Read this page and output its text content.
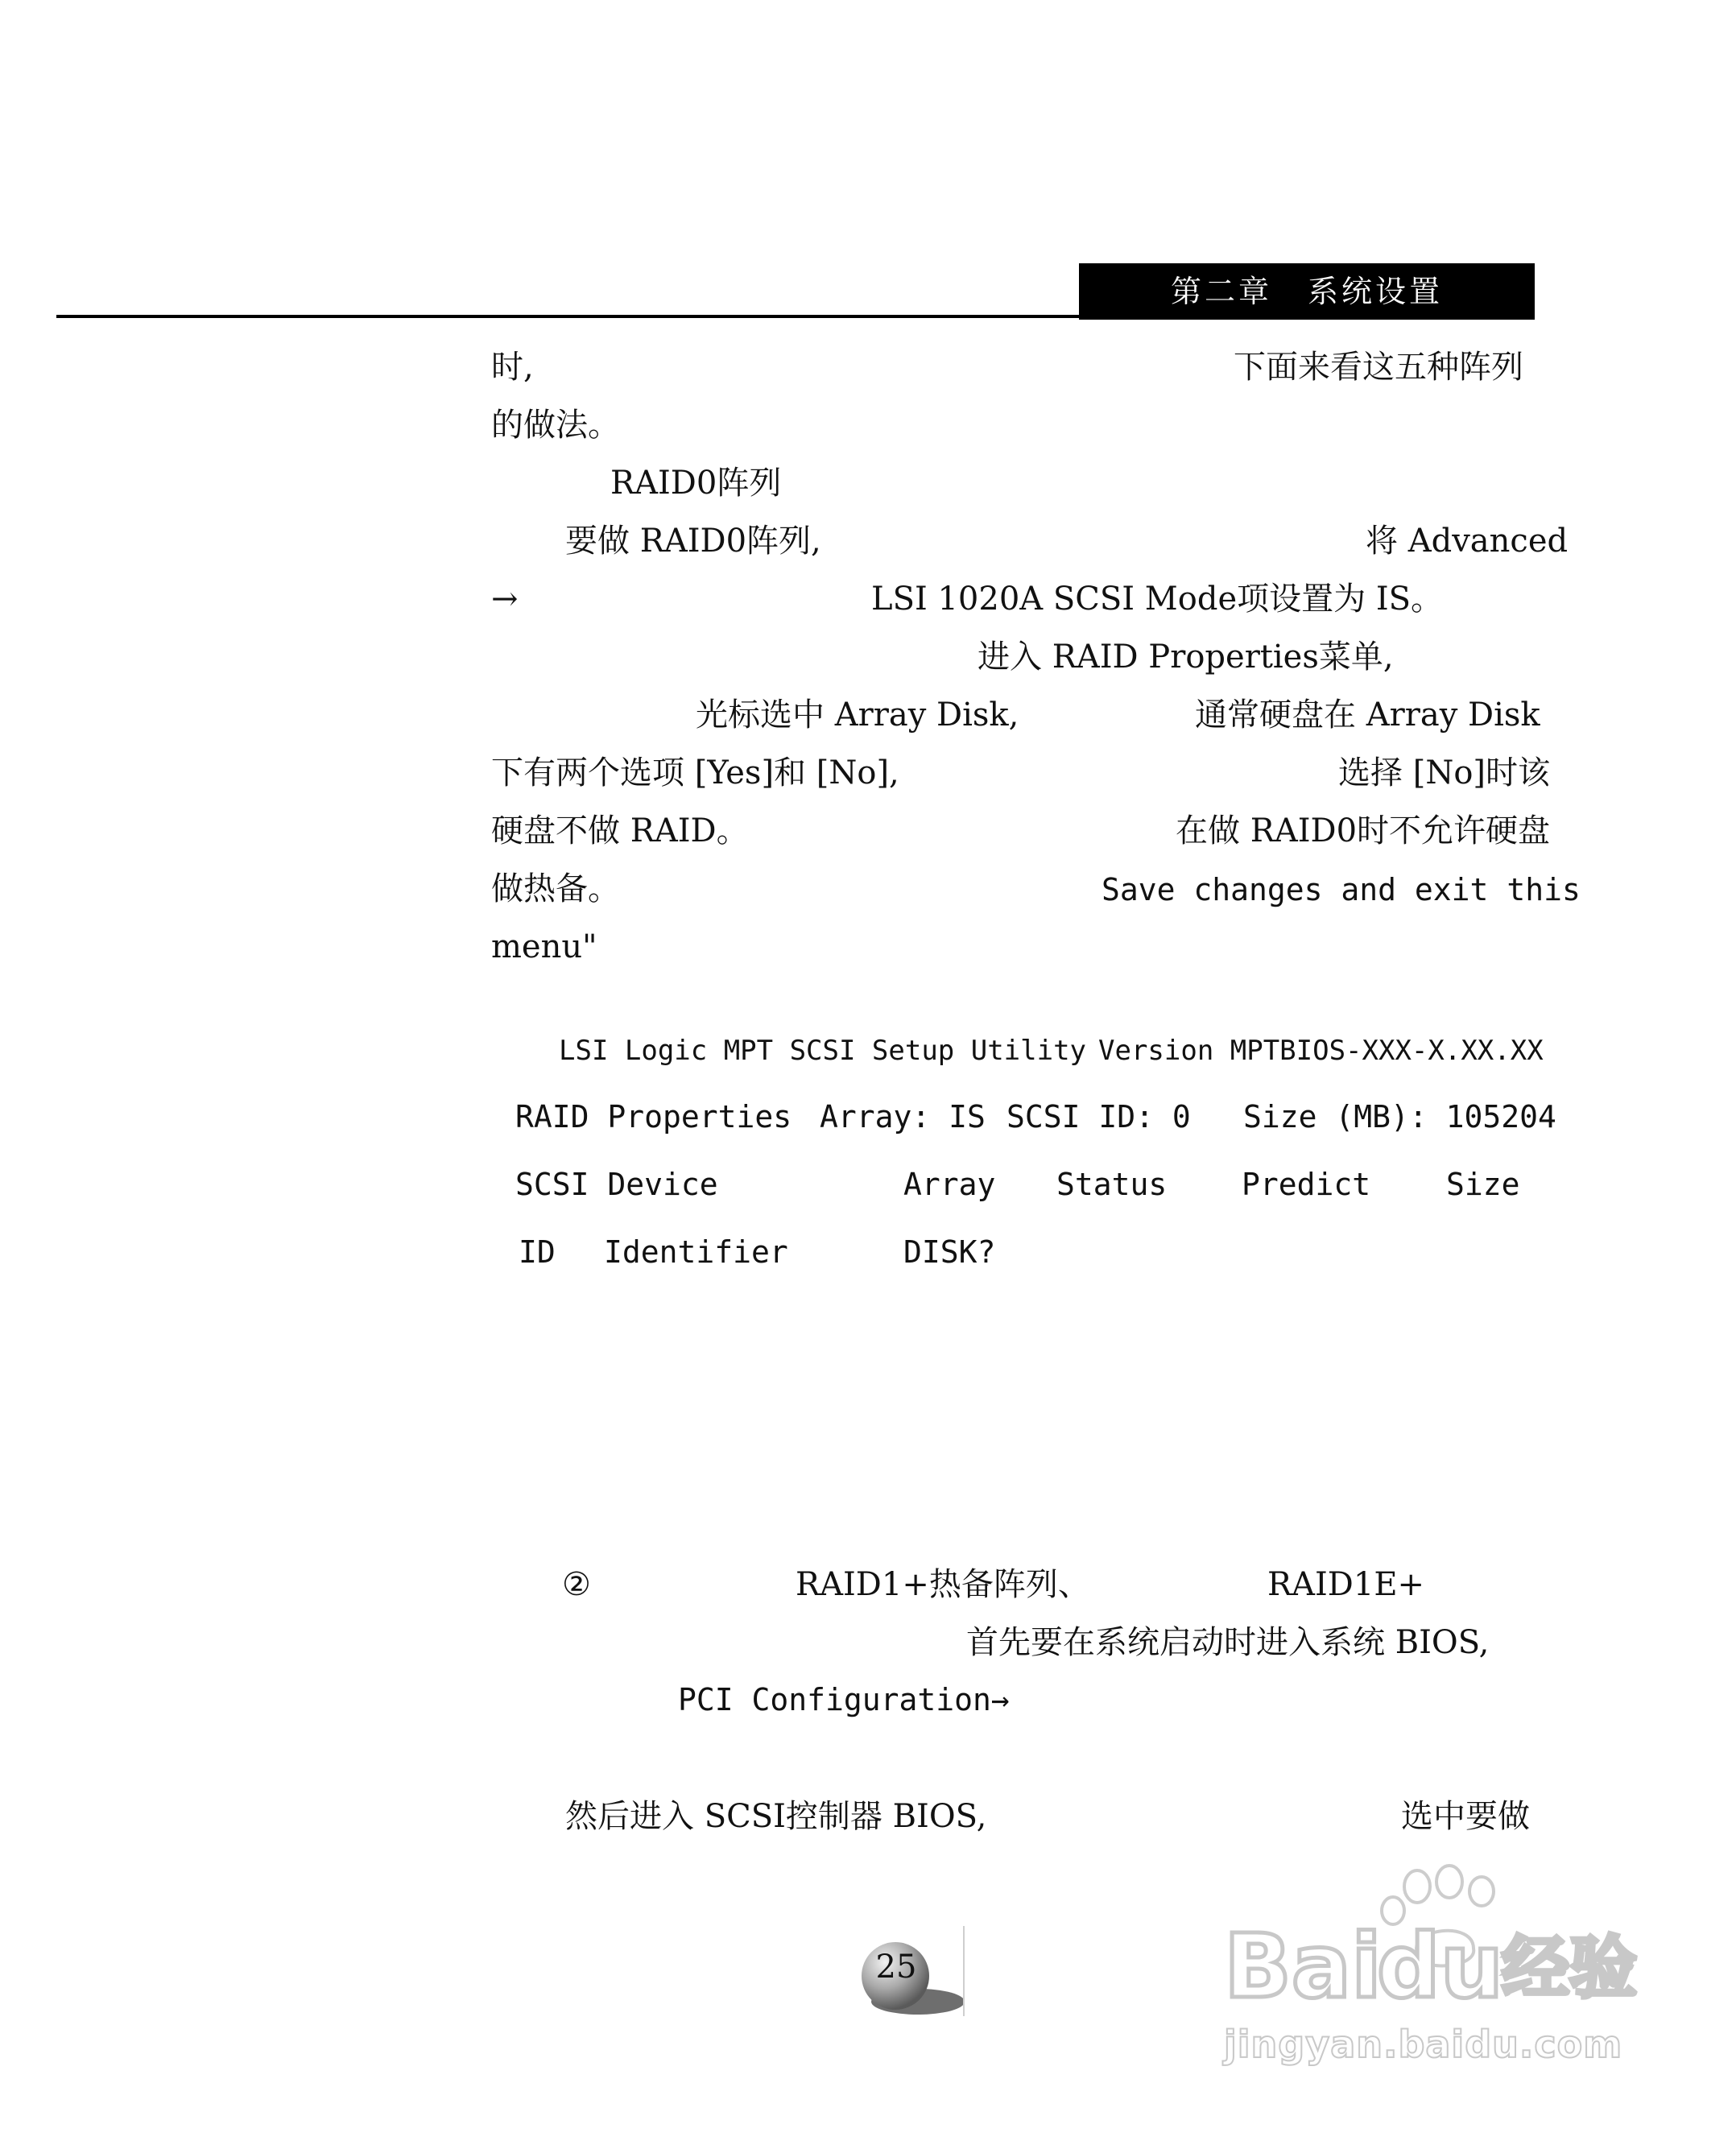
第二章 系统设置
时,	下面来看这五种阵列
的做法。
RAID0阵列
要做 RAID0阵列,	将 Advanced
→	LSI 1020A SCSI Mode项设置为 IS。
进入 RAID Properties菜单,
光标选中 Array Disk,	通常硬盘在 Array Disk
下有两个选项 [Yes]和 [No],	选择 [No]时该
硬盘不做 RAID。	在做 RAID0时不允许硬盘
做热备。	Save changes and exit this
menu"
LSI Logic MPT SCSI Setup Utility Version MPTBIOS-XXX-X.XX.XX
RAID Properties Array: IS SCSI ID: 0 Size (MB): 105204
SCSI Device	Array Status Predict Size
ID Identifier	DISK?
②	RAID1+热备阵列、	RAID1E+
首先要在系统启动时进入系统 BIOS,
PCI Configuration→
然后进入 SCSI控制器 BIOS,	选中要做
25	Bai
du
经验
jingyan.baidu.com
